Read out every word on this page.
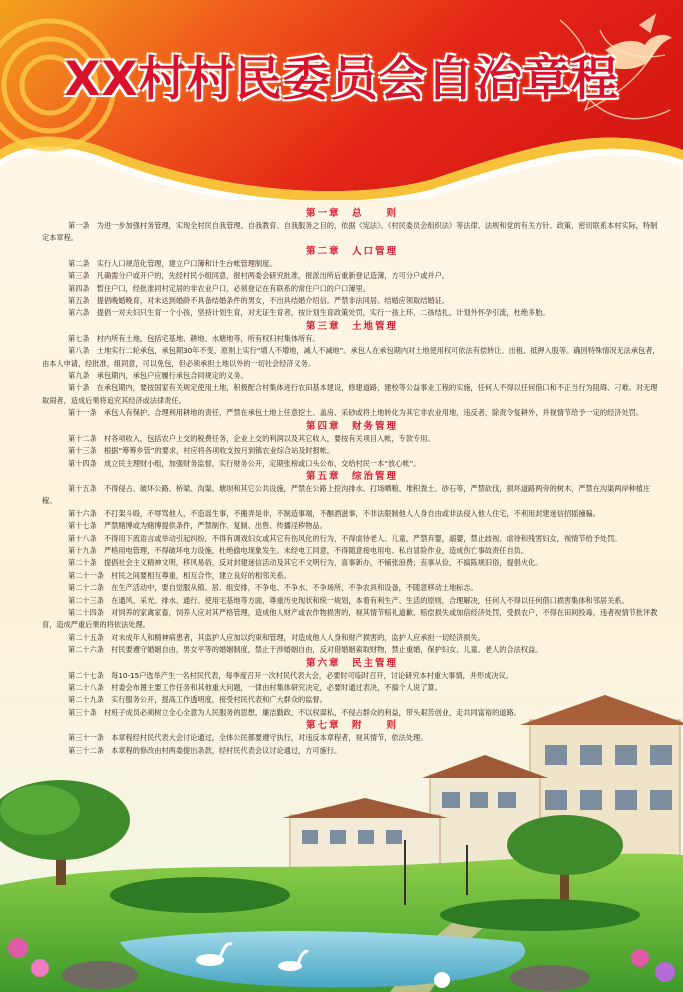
XX村村民委员会自治章程
第一章　总　　则
第一条　为进一步加强村务管理，实现全村民自我管理、自我教育、自我服务之目的，依据《宪法》、《村民委员会组织法》等法律、法规和党的有关方针、政策，密切联系本村实际，特制定本章程。
第二章　人口管理
第二条　实行人口规范化管理，建立户口簿和计生台帐管理制度。
第三条　凡确需分户或开户的，先经村民小组同意，报村两委会研究批准，报派出所后重新登记造簿，方可分户或并户。
第四条　暂住户口，经批准同村定居的非农业户口，必须登记在有联系的常住户口的户口簿里。
第五条　提倡晚婚晚育，对未达到婚龄不具备结婚条件的男女，不出具结婚介绍信。严禁非法同居。结婚应领取结婚证。
第六条　提倡一对夫妇只生育一个小孩，坚持计划生育，对无证生育者，按计划生育政策处罚，实行一孩上环、二孩结扎，计划外怀孕引流，杜绝多胎。
第三章　土地管理
第七条　村内所有土地，包括宅基地、耕地、水塘地等，所有权归村集体所有。
第八条　土地实行二轮承包，承包期30年不变，原则上实行“增人不增地，减人不减地”。承包人在承包期内对土地使用权可依法有偿转让、出租、抵押入股等。确因特殊情况无法承包者，由本人申请，经批准，组同意，可以免包，但必须承担土地以外的一切社会经济义务。
第九条　承包期内，承包户应履行承包合同规定的义务。
第十条　在承包期内，要按国家有关规定使用土地，积极配合村集体进行农田基本建设，修建道路，建校等公益事业工程的实施，任何人不得以任何借口和不正当行为阻碍、刁难。对无理取闹者，造成后果将追究其经济或法律责任。
第十一条　承包人有保护、合理利用耕地的责任，严禁在承包土地上任意挖土、盖房、采砂或将土地转化为其它非农业用地，违反者，除责令复耕外，并视情节给予一定的经济处罚。
第四章　财务管理
第十二条　村各项收入，包括农户上交的税费任务，企业上交的利润以及其它收入，要按有关项目入帐，专款专用。
第十三条　根据“筹筹乡管”的要求，村应将各项收支按月到镇农业综合站及时报帐。
第十四条　成立民主理财小组，加强财务监督，实行财务公开，定期张榜或口头公布，交给村民一本“放心帐”。
第五章　综治管理
第十五条　不得侵占、破坏公路、桥梁、沟渠、塘坝和其它公共设施，严禁在公路上挖沟排水、打场晒粮、堆积粪土、砂石等，严禁砍伐，损坏道路两旁的树木，严禁在沟渠两岸种植庄稼。
第十六条　不打架斗殴，不辱骂他人，不造谣生事，不搬弄是非，不制造事端，不酗酒滋事，不非法限制他人人身自由或非法侵入他人住宅，不利用封建迷信招摇撞骗。
第十七条　严禁赌博或为赌博提供条件，严禁制作、复制、出售、传播淫秽物品。
第十八条　不得用下流语言或举动引起纠纷，不得有调戏妇女或其它有伤风化的行为，不得虐待老人、儿童，严禁弃婴，溺婴，禁止歧视、虐待和残害妇女，视情节给予处罚。
第十九条　严格用电管理，不得破坏电力设施，杜绝偷电现象发生。未经电工同意，不得随意接电用电、私自冒险作业，造成伤亡事故责任自负。
第二十条　提倡社会主义精神文明，移风易俗，反对封建迷信活动及其它不文明行为，喜事新办，不铺张浪费；丧事从俭，不搞陈规旧俗，提倡火化。
第二十一条　村民之间要相互尊重，相互合作，建立良好的相邻关系。
第二十二条　在生产活动中，要自觉服从镇、居、组安排，不争电、不争水、不争场所、不争农具和设备，不随意移动土地标志。
第二十三条　在通风、采光、排水、通行、使用宅基地等方面，尊重历史现状和统一规划，本着有利生产、生活的原则，合理解决，任何人不得以任何借口损害集体和邻居关系。
第二十四条　对饲养的家禽家畜，饲养人应对其严格管理，造成他人财产或农作物损害的，视其情节赔礼道歉、赔偿损失或加倍经济处罚，受损农户，不得在田间投毒，违者视情节批评教育，造成严重后果的将依法处理。
第二十五条　对未成年人和精神病患者，其监护人应加以约束和管理，对造成他人人身和财产损害的，监护人应承担一切经济损失。
第二十六条　村民要遵守婚姻自由，男女平等的婚姻制度，禁止干涉婚姻自由，反对借婚姻索取财物，禁止重婚，保护妇女、儿童、老人的合法权益。
第六章　民主管理
第二十七条　每10-15户选举产生一名村民代表，每季度召开一次村民代表大会，必要时可临时召开，讨论研究本村重大事情，并形成决议。
第二十八条　村委会布置主要工作任务和其他重大问题，一律由村集体研究决定，必要时通过表决，不搞个人说了算。
第二十九条　实行服务公开，提高工作透明度，接受村民代表和广大群众的监督。
第三十条　村班子成员必须树立全心全意为人民服务的思想，廉洁勤政，不以权谋私，不侵占群众的利益，带头艰苦创业，走共同富裕的道路。
第七章　附　　则
第三十一条　本章程经村民代表大会讨论通过，全体公民都要遵守执行，对违反本章程者，视其情节，依法处理。
第三十二条　本章程的修改由村两委提出条款，经村民代表会议讨论通过，方可施行。
